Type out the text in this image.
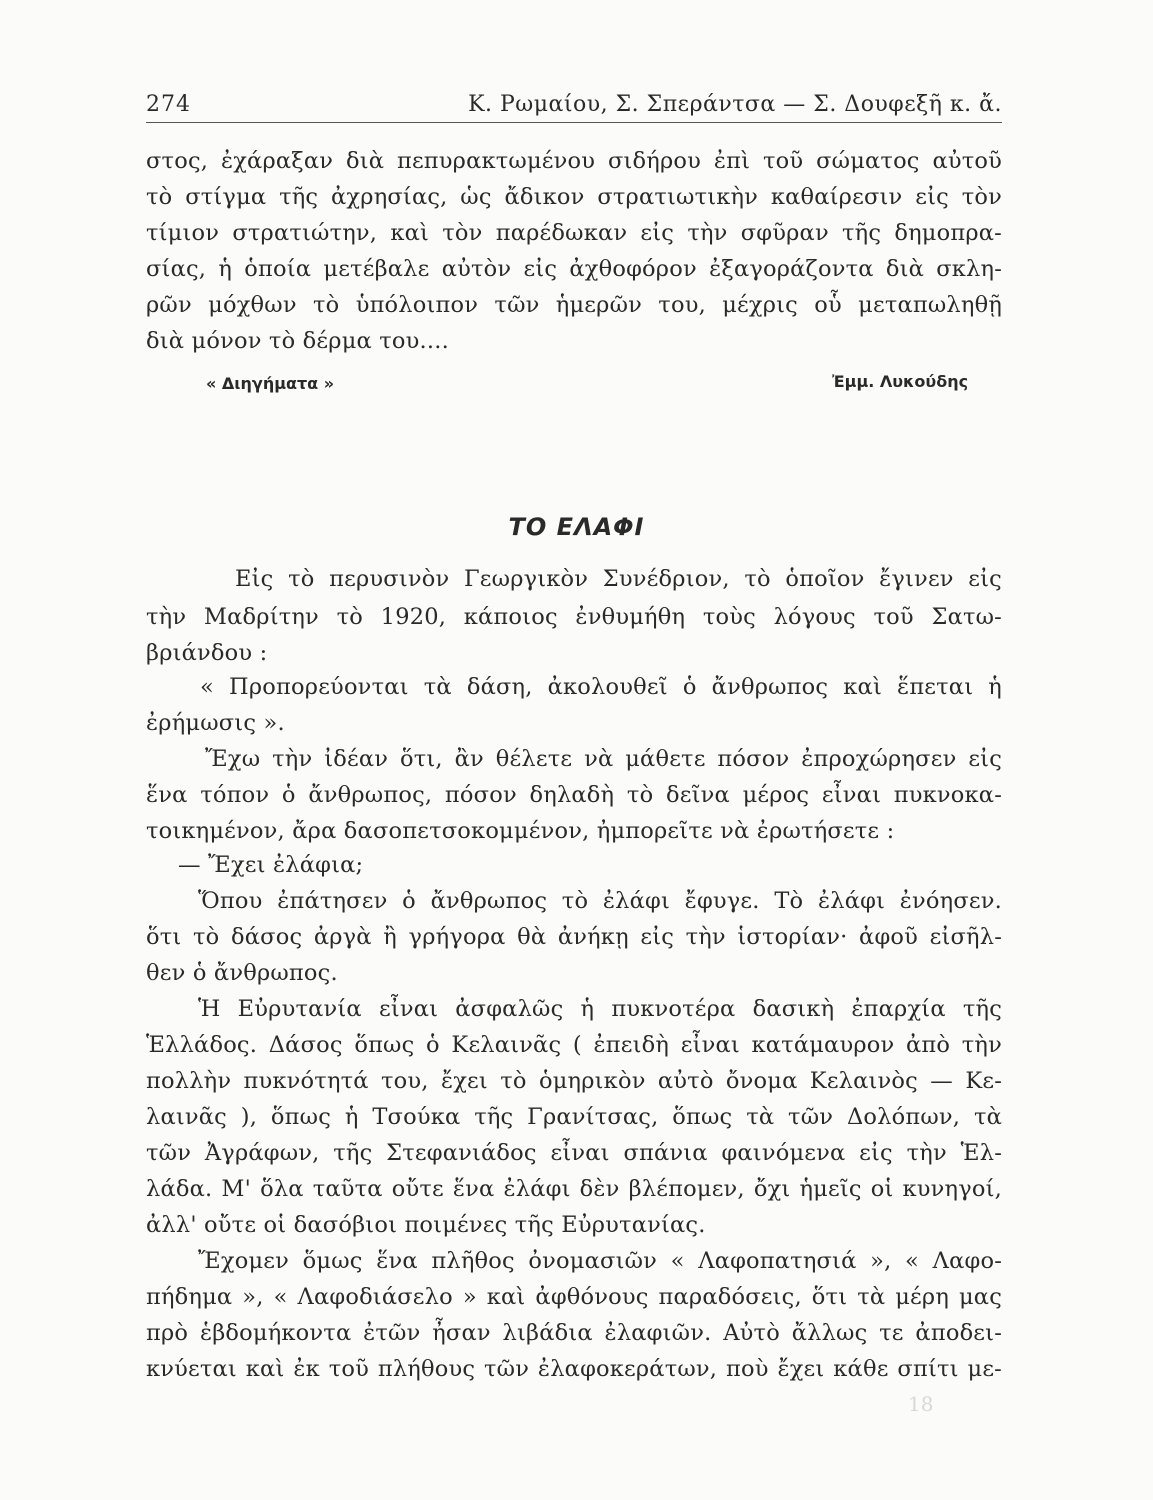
274	Κ. Ρωμαίου, Σ. Σπεράντσα — Σ. Δουφεξῆ κ. ἄ.
στος, ἐχάραξαν διὰ πεπυρακτωμένου σιδήρου ἐπὶ τοῦ σώματος αὐτοῦ
τὸ στίγμα τῆς ἀχρησίας, ὡς ἄδικον στρατιωτικὴν καθαίρεσιν εἰς τὸν
τίμιον στρατιώτην, καὶ τὸν παρέδωκαν εἰς τὴν σφῦραν τῆς δημοπρα-
σίας, ἡ ὁποία μετέβαλε αὐτὸν εἰς ἀχθοφόρον ἐξαγοράζοντα διὰ σκλη-
ρῶν μόχθων τὸ ὑπόλοιπον τῶν ἡμερῶν του, μέχρις οὗ μεταπωληθῇ
διὰ μόνον τὸ δέρμα του....
« Διηγήματα »	Ἐμμ. Λυκούδης
ΤΟ ΕΛΑΦΙ
Εἰς τὸ περυσινὸν Γεωργικὸν Συνέδριον, τὸ ὁποῖον ἔγινεν εἰς
τὴν Μαδρίτην τὸ 1920, κάποιος ἐνθυμήθη τοὺς λόγους τοῦ Σατω-
βριάνδου :
« Προπορεύονται τὰ δάση, ἀκολουθεῖ ὁ ἄνθρωπος καὶ ἕπεται ἡ
ἐρήμωσις ».
Ἔχω τὴν ἰδέαν ὅτι, ἂν θέλετε νὰ μάθετε πόσον ἐπροχώρησεν εἰς
ἕνα τόπον ὁ ἄνθρωπος, πόσον δηλαδὴ τὸ δεῖνα μέρος εἶναι πυκνοκα-
τοικημένον, ἄρα δασοπετσοκομμένον, ἠμπορεῖτε νὰ ἐρωτήσετε :
— Ἔχει ἐλάφια;
Ὅπου ἐπάτησεν ὁ ἄνθρωπος τὸ ἐλάφι ἔφυγε. Τὸ ἐλάφι ἐνόησεν.
ὅτι τὸ δάσος ἀργὰ ἢ γρήγορα θὰ ἀνήκῃ εἰς τὴν ἱστορίαν· ἀφοῦ εἰσῆλ-
θεν ὁ ἄνθρωπος.
Ἡ Εὐρυτανία εἶναι ἀσφαλῶς ἡ πυκνοτέρα δασικὴ ἐπαρχία τῆς
Ἑλλάδος. Δάσος ὅπως ὁ Κελαινᾶς ( ἐπειδὴ εἶναι κατάμαυρον ἀπὸ τὴν
πολλὴν πυκνότητά του, ἔχει τὸ ὁμηρικὸν αὐτὸ ὄνομα Κελαινὸς — Κε-
λαινᾶς ), ὅπως ἡ Τσούκα τῆς Γρανίτσας, ὅπως τὰ τῶν Δολόπων, τὰ
τῶν Ἀγράφων, τῆς Στεφανιάδος εἶναι σπάνια φαινόμενα εἰς τὴν Ἑλ-
λάδα. Μ' ὅλα ταῦτα οὔτε ἕνα ἐλάφι δὲν βλέπομεν, ὄχι ἡμεῖς οἱ κυνηγοί,
ἀλλ' οὔτε οἱ δασόβιοι ποιμένες τῆς Εὐρυτανίας.
Ἔχομεν ὅμως ἕνα πλῆθος ὀνομασιῶν « Λαφοπατησιά », « Λαφο-
πήδημα », « Λαφοδιάσελο » καὶ ἀφθόνους παραδόσεις, ὅτι τὰ μέρη μας
πρὸ ἑβδομήκοντα ἐτῶν ἦσαν λιβάδια ἐλαφιῶν. Αὐτὸ ἄλλως τε ἀποδει-
κνύεται καὶ ἐκ τοῦ πλήθους τῶν ἐλαφοκεράτων, ποὺ ἔχει κάθε σπίτι με-
18
